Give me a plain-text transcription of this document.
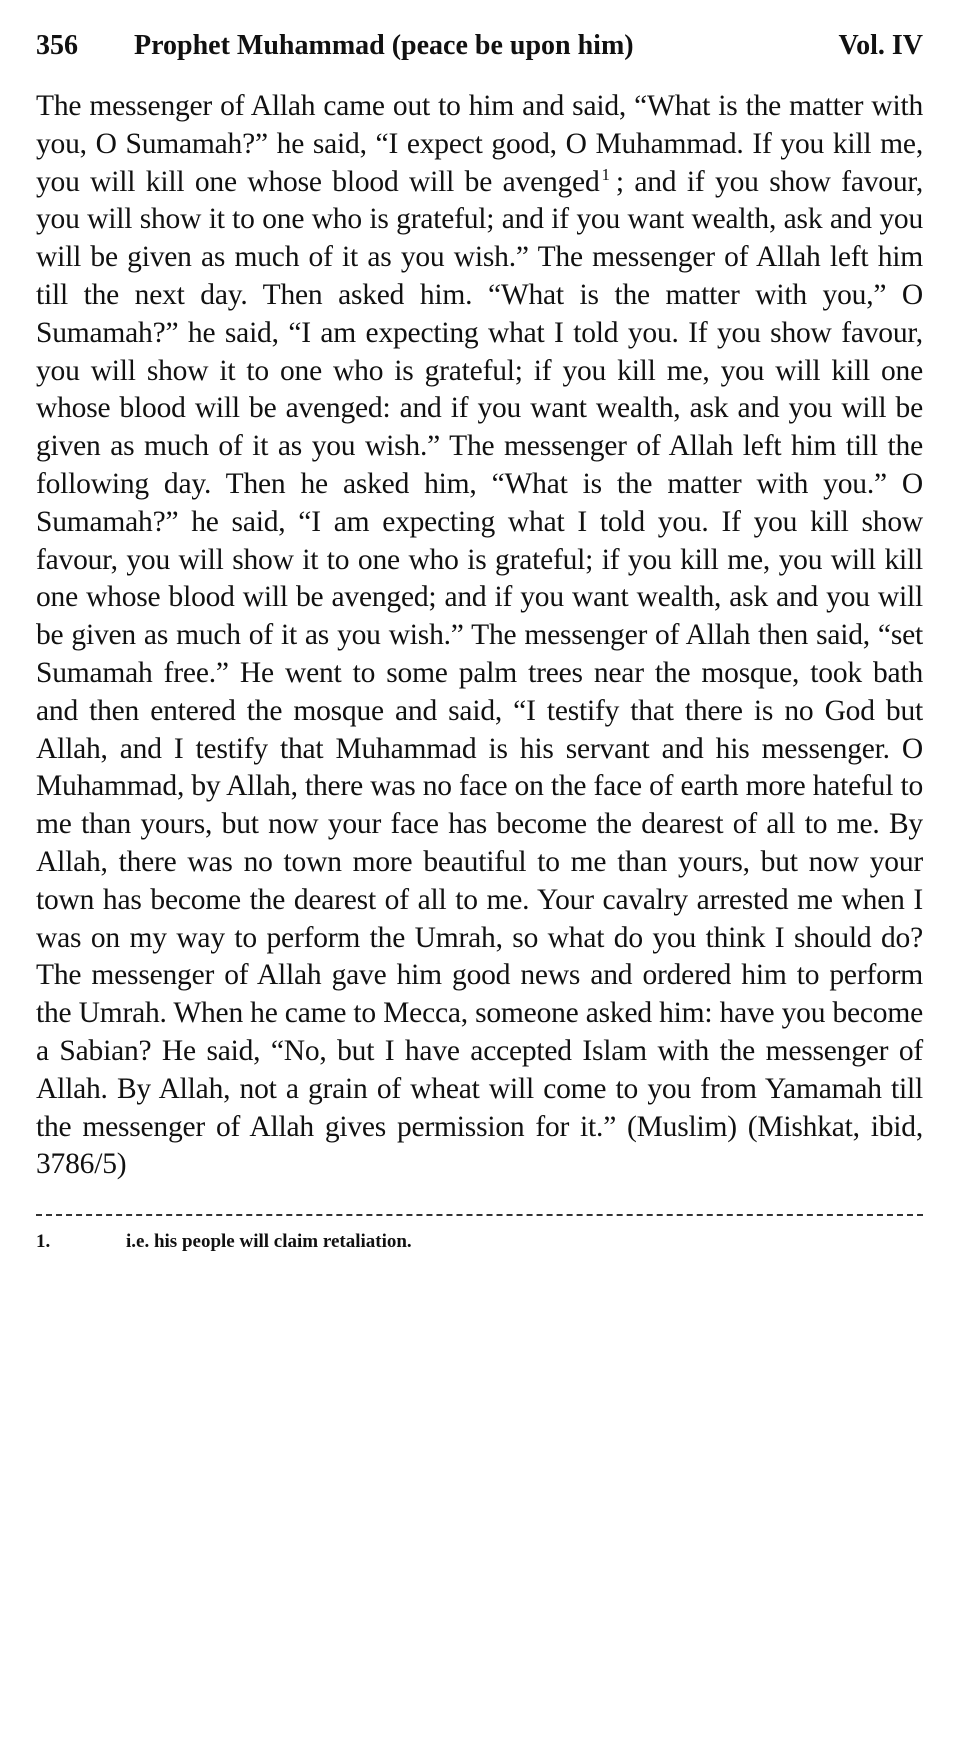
356	Prophet Muhammad (peace be upon him)	Vol. IV

The messenger of Allah came out to him and said, “What is the matter with you, O Sumamah?” he said, “I expect good, O Muhammad. If you kill me, you will kill one whose blood will be avenged $^1$ ; and if you show favour, you will show it to one who is grateful; and if you want wealth, ask and you will be given as much of it as you wish.” The messenger of Allah left him till the next day. Then asked him. “What is the matter with you,” O Sumamah?” he said, “I am expecting what I told you. If you show favour, you will show it to one who is grateful; if you kill me, you will kill one whose blood will be avenged: and if you want wealth, ask and you will be given as much of it as you wish.” The messenger of Allah left him till the following day. Then he asked him, “What is the matter with you.” O Sumamah?” he said, “I am expecting what I told you. If you kill show favour, you will show it to one who is grateful; if you kill me, you will kill one whose blood will be avenged; and if you want wealth, ask and you will be given as much of it as you wish.” The messenger of Allah then said, “set Sumamah free.” He went to some palm trees near the mosque, took bath and then entered the mosque and said, “I testify that there is no God but Allah, and I testify that Muhammad is his servant and his messenger. O Muhammad, by Allah, there was no face on the face of earth more hateful to me than yours, but now your face has become the dearest of all to me. By Allah, there was no town more beautiful to me than yours, but now your town has become the dearest of all to me. Your cavalry arrested me when I was on my way to perform the Umrah, so what do you think I should do? The messenger of Allah gave him good news and ordered him to perform the Umrah. When he came to Mecca, someone asked him: have you become a Sabian? He said, “No, but I have accepted Islam with the messenger of Allah. By Allah, not a grain of wheat will come to you from Yamamah till the messenger of Allah gives permission for it.” (Muslim) (Mishkat, ibid, 3786/5)

1.	i.e. his people will claim retaliation.
